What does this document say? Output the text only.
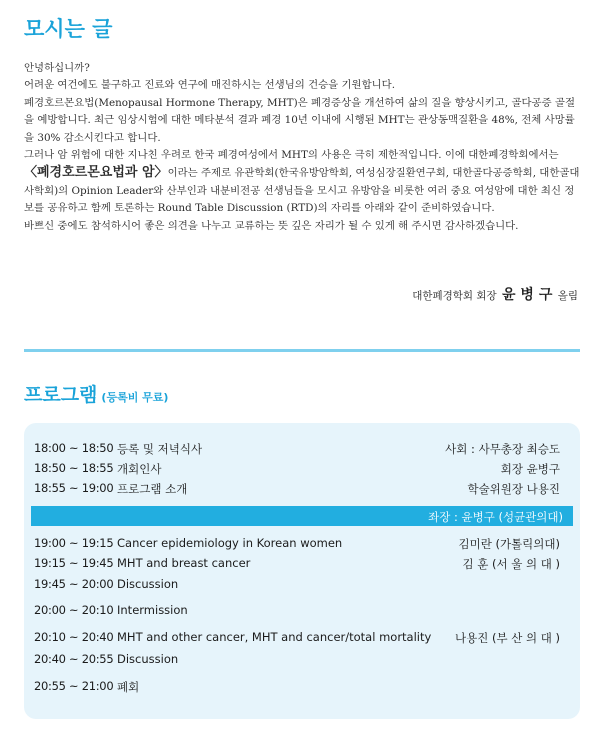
모시는 글

안녕하십니까?

어려운 여건에도 불구하고 진료와 연구에 매진하시는 선생님의 건승을 기원합니다.

폐경호르몬요법(Menopausal Hormone Therapy, MHT)은 폐경증상을 개선하여 삶의 질을 향상시키고, 골다공증 골절을 예방합니다. 최근 임상시험에 대한 메타분석 결과 폐경 10년 이내에 시행된 MHT는 관상동맥질환을 48%, 전체 사망률을 30% 감소시킨다고 합니다.

그러나 암 위험에 대한 지나친 우려로 한국 폐경여성에서 MHT의 사용은 극히 제한적입니다. 이에 대한폐경학회에서는 〈폐경호르몬요법과 암〉이라는 주제로 유관학회(한국유방암학회, 여성심장질환연구회, 대한골다공증학회, 대한골대사학회)의 Opinion Leader와 산부인과 내분비전공 선생님들을 모시고 유방암을 비롯한 여러 중요 여성암에 대한 최신 정보를 공유하고 함께 토론하는 Round Table Discussion (RTD)의 자리를 아래와 같이 준비하였습니다.

바쁘신 중에도 참석하시어 좋은 의견을 나누고 교류하는 뜻 깊은 자리가 될 수 있게 해 주시면 감사하겠습니다.

대한폐경학회 회장 윤 병 구 올림
프로그램 (등록비 무료)
18:00 ~ 18:50 등록 및 저녁식사	사회 : 사무총장 최승도
18:50 ~ 18:55 개회인사	회장 윤병구
18:55 ~ 19:00 프로그램 소개	학술위원장 나용진
좌장 : 윤병구 (성균관의대)
19:00 ~ 19:15 Cancer epidemiology in Korean women	김미란 (가톨릭의대)
19:15 ~ 19:45 MHT and breast cancer	김 훈 (서 울 의 대 )
19:45 ~ 20:00 Discussion
20:00 ~ 20:10 Intermission
20:10 ~ 20:40 MHT and other cancer, MHT and cancer/total mortality 나용진 (부 산 의 대 )
20:40 ~ 20:55 Discussion
20:55 ~ 21:00 폐회
